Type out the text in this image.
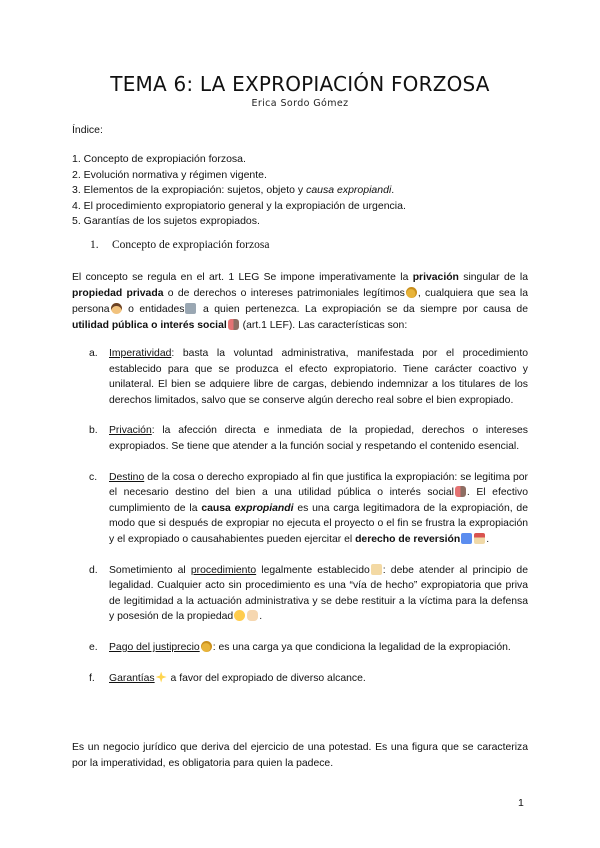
TEMA 6: LA EXPROPIACIÓN FORZOSA
Erica Sordo Gómez
Índice:
1. Concepto de expropiación forzosa.
2. Evolución normativa y régimen vigente.
3. Elementos de la expropiación: sujetos, objeto y causa expropiandi.
4. El procedimiento expropiatorio general y la expropiación de urgencia.
5. Garantías de los sujetos expropiados.
1. Concepto de expropiación forzosa

El concepto se regula en el art. 1 LEG Se impone imperativamente la privación singular de la propiedad privada o de derechos o intereses patrimoniales legítimos , cualquiera que sea la persona o entidades a quien pertenezca. La expropiación se da siempre por causa de utilidad pública o interés social (art.1 LEF). Las características son:

a. Imperatividad: basta la voluntad administrativa, manifestada por el procedimiento establecido para que se produzca el efecto expropiatorio. Tiene carácter coactivo y unilateral. El bien se adquiere libre de cargas, debiendo indemnizar a los titulares de los derechos limitados, salvo que se conserve algún derecho real sobre el bien expropiado.
b. Privación: la afección directa e inmediata de la propiedad, derechos o intereses expropiados. Se tiene que atender a la función social y respetando el contenido esencial.
c. Destino de la cosa o derecho expropiado al fin que justifica la expropiación: se legitima por el necesario destino del bien a una utilidad pública o interés social . El efectivo cumplimiento de la causa expropiandi es una carga legitimadora de la expropiación, de modo que si después de expropiar no ejecuta el proyecto o el fin se frustra la expropiación y el expropiado o causahabientes pueden ejercitar el derecho de reversión	.
d. Sometimiento al procedimiento legalmente establecido : debe atender al principio de legalidad. Cualquier acto sin procedimiento es una “vía de hecho” expropiatoria que priva de legitimidad a la actuación administrativa y se debe restituir a la víctima para la defensa y posesión de la propiedad	.
e. Pago del justiprecio : es una carga ya que condiciona la legalidad de la expropiación.
f. Garantías a favor del expropiado de diverso alcance.

Es un negocio jurídico que deriva del ejercicio de una potestad. Es una figura que se caracteriza por la imperatividad, es obligatoria para quien la padece.

1
